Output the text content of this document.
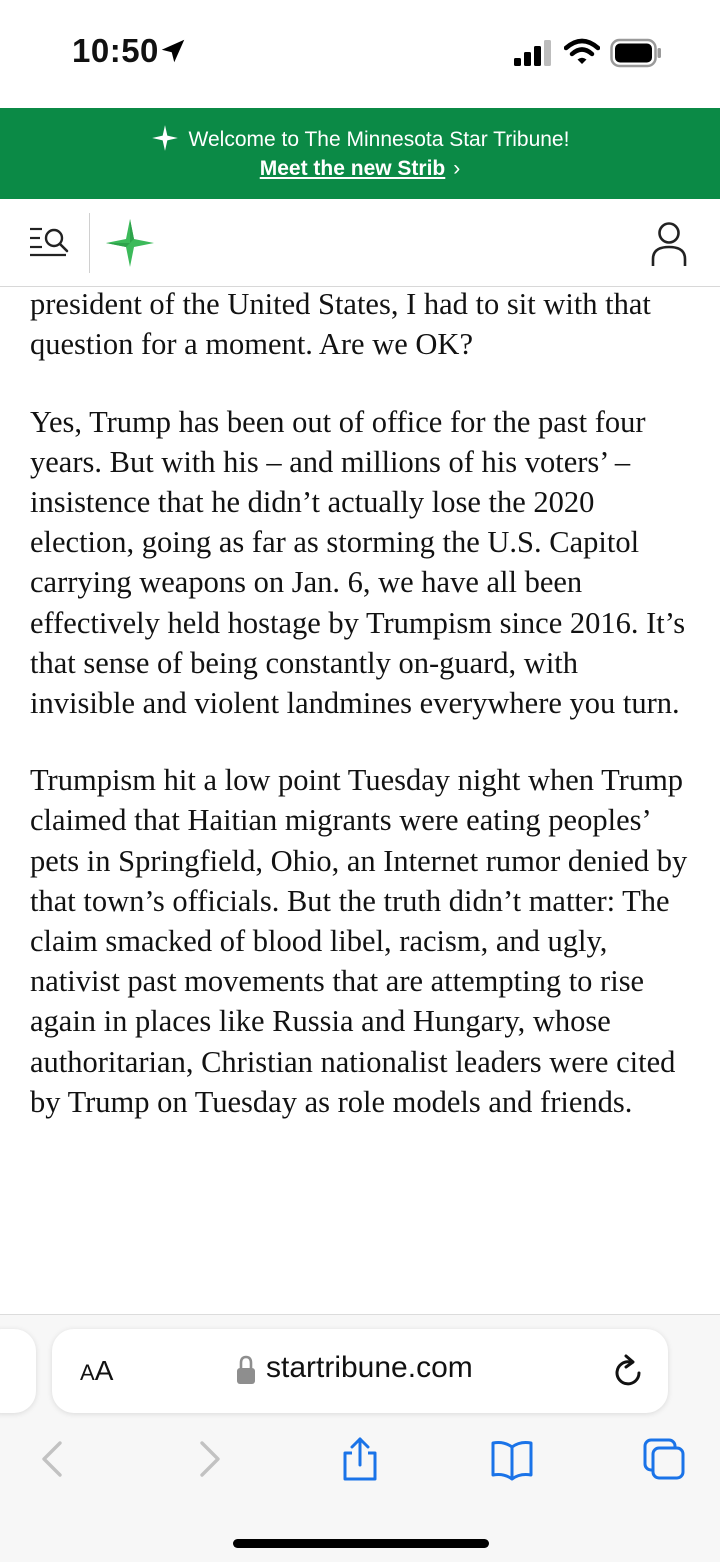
10:50
Welcome to The Minnesota Star Tribune!
Meet the new Strib ›

president of the United States, I had to sit with that question for a moment. Are we OK?

Yes, Trump has been out of office for the past four years. But with his – and millions of his voters’ – insistence that he didn’t actually lose the 2020 election, going as far as storming the U.S. Capitol carrying weapons on Jan. 6, we have all been effectively held hostage by Trumpism since 2016. It’s that sense of being constantly on-guard, with invisible and violent landmines everywhere you turn.

Trumpism hit a low point Tuesday night when Trump claimed that Haitian migrants were eating peoples’ pets in Springfield, Ohio, an Internet rumor denied by that town’s officials. But the truth didn’t matter: The claim smacked of blood libel, racism, and ugly, nativist past movements that are attempting to rise again in places like Russia and Hungary, whose authoritarian, Christian nationalist leaders were cited by Trump on Tuesday as role models and friends.

AA	startribune.com
